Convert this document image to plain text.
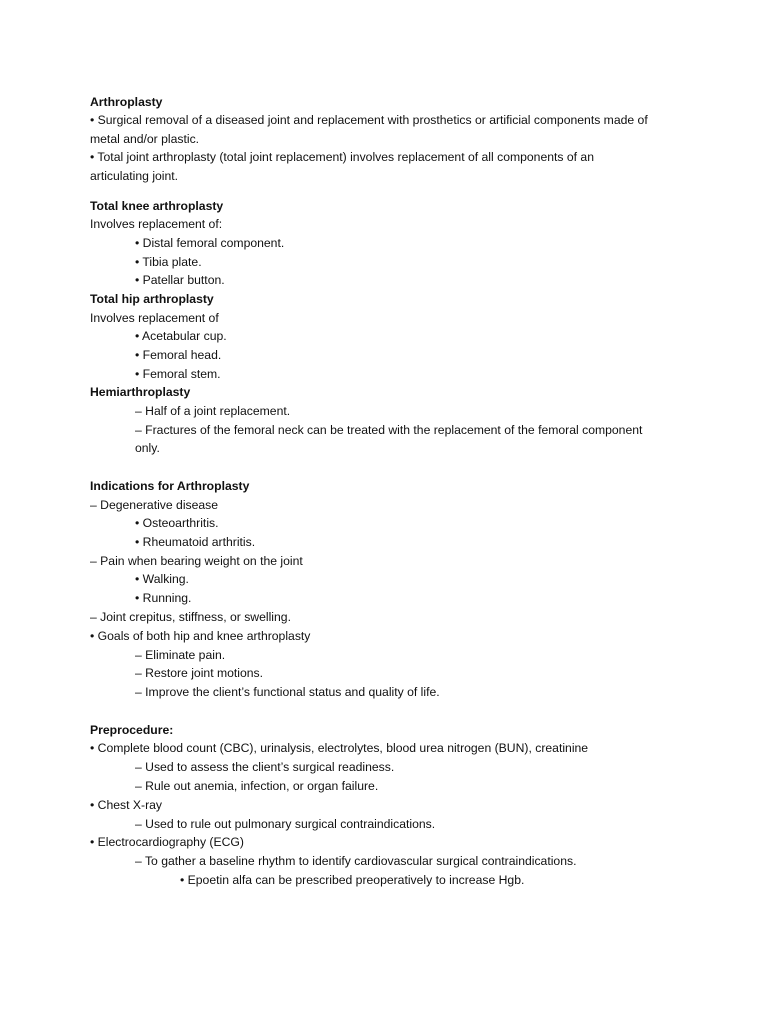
Arthroplasty
• Surgical removal of a diseased joint and replacement with prosthetics or artificial components made of
metal and/or plastic.
• Total joint arthroplasty (total joint replacement) involves replacement of all components of an
articulating joint.
Total knee arthroplasty
Involves replacement of:
• Distal femoral component.
• Tibia plate.
• Patellar button.
Total hip arthroplasty
Involves replacement of
• Acetabular cup.
• Femoral head.
• Femoral stem.
Hemiarthroplasty
– Half of a joint replacement.
– Fractures of the femoral neck can be treated with the replacement of the femoral component
only.
Indications for Arthroplasty
– Degenerative disease
• Osteoarthritis.
• Rheumatoid arthritis.
– Pain when bearing weight on the joint
• Walking.
• Running.
– Joint crepitus, stiffness, or swelling.
• Goals of both hip and knee arthroplasty
– Eliminate pain.
– Restore joint motions.
– Improve the client’s functional status and quality of life.
Preprocedure:
• Complete blood count (CBC), urinalysis, electrolytes, blood urea nitrogen (BUN), creatinine
– Used to assess the client’s surgical readiness.
– Rule out anemia, infection, or organ failure.
• Chest X-ray
– Used to rule out pulmonary surgical contraindications.
• Electrocardiography (ECG)
– To gather a baseline rhythm to identify cardiovascular surgical contraindications.
• Epoetin alfa can be prescribed preoperatively to increase Hgb.
